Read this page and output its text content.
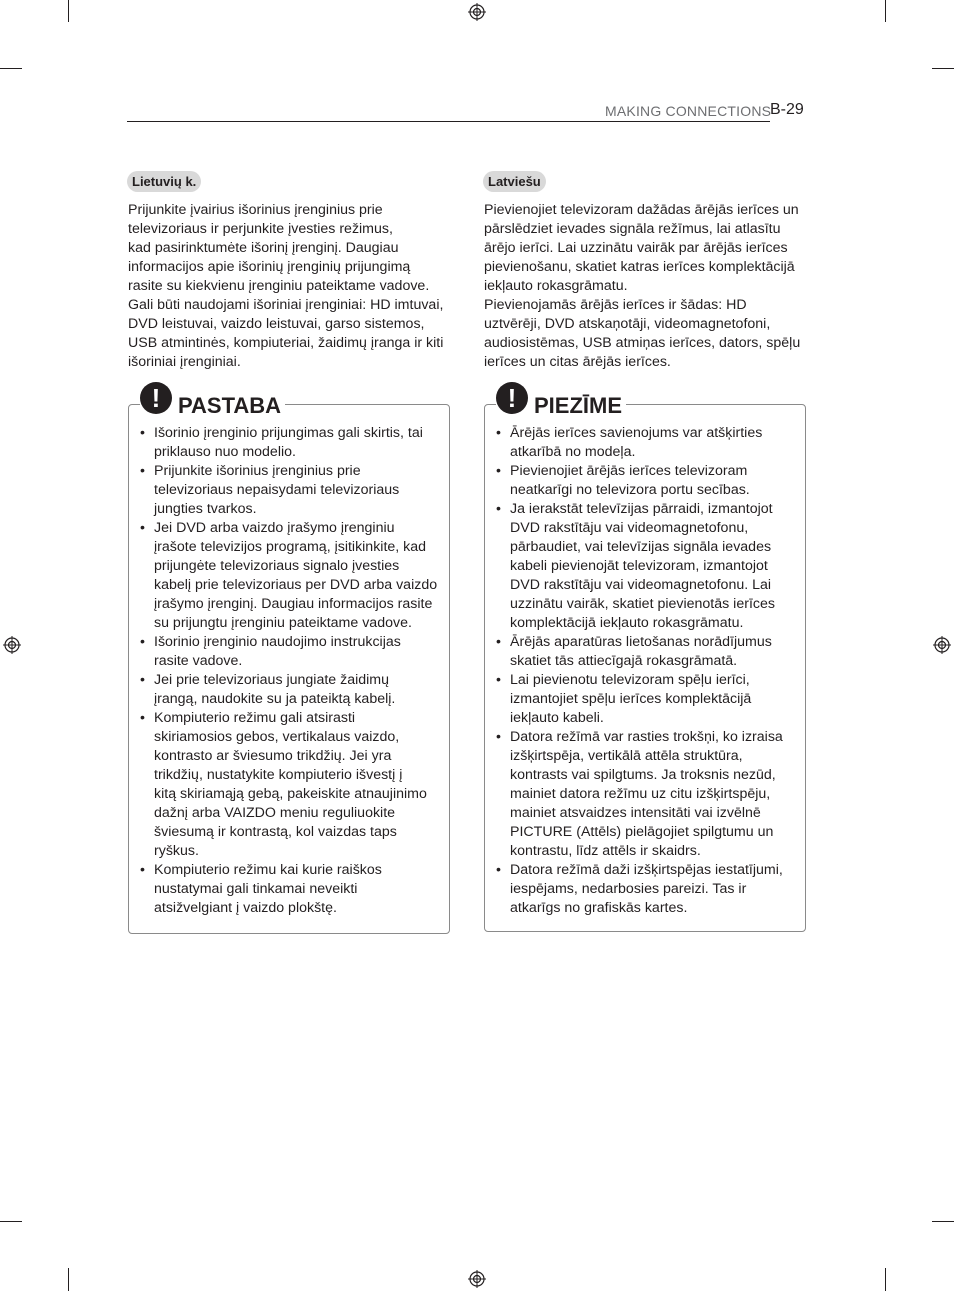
MAKING CONNECTIONS
B-29
Lietuvių k.

Prijunkite įvairius išorinius įrenginius prie

televizoriaus ir perjunkite įvesties režimus,

kad pasirinktumėte išorinį įrenginį. Daugiau

informacijos apie išorinių įrenginių prijungimą

rasite su kiekvienu įrenginiu pateiktame vadove.

Gali būti naudojami išoriniai įrenginiai: HD imtuvai,

DVD leistuvai, vaizdo leistuvai, garso sistemos,

USB atmintinės, kompiuteriai, žaidimų įranga ir kiti

išoriniai įrenginiai.

! PASTABA
• Išorinio įrenginio prijungimas gali skirtis, tai
priklauso nuo modelio.
• Prijunkite išorinius įrenginius prie
televizoriaus nepaisydami televizoriaus
jungties tvarkos.
• Jei DVD arba vaizdo įrašymo įrenginiu
įrašote televizijos programą, įsitikinkite, kad
prijungėte televizoriaus signalo įvesties
kabelį prie televizoriaus per DVD arba vaizdo
įrašymo įrenginį. Daugiau informacijos rasite
su prijungtu įrenginiu pateiktame vadove.
• Išorinio įrenginio naudojimo instrukcijas
rasite vadove.
• Jei prie televizoriaus jungiate žaidimų
įrangą, naudokite su ja pateiktą kabelį.
• Kompiuterio režimu gali atsirasti
skiriamosios gebos, vertikalaus vaizdo,
kontrasto ar šviesumo trikdžių. Jei yra
trikdžių, nustatykite kompiuterio išvestį į
kitą skiriamąją gebą, pakeiskite atnaujinimo
dažnį arba VAIZDO meniu reguliuokite
šviesumą ir kontrastą, kol vaizdas taps
ryškus.
• Kompiuterio režimu kai kurie raiškos
nustatymai gali tinkamai neveikti
atsižvelgiant į vaizdo plokštę.
Latviešu

Pievienojiet televizoram dažādas ārējās ierīces un

pārslēdziet ievades signāla režīmus, lai atlasītu

ārējo ierīci. Lai uzzinātu vairāk par ārējās ierīces

pievienošanu, skatiet katras ierīces komplektācijā

iekļauto rokasgrāmatu.

Pievienojamās ārējās ierīces ir šādas: HD

uztvērēji, DVD atskaņotāji, videomagnetofoni,

audiosistēmas, USB atmiņas ierīces, dators, spēļu

ierīces un citas ārējās ierīces.

! PIEZĪME
• Ārējās ierīces savienojums var atšķirties
atkarībā no modeļa.
• Pievienojiet ārējās ierīces televizoram
neatkarīgi no televizora portu secības.
• Ja ierakstāt televīzijas pārraidi, izmantojot
DVD rakstītāju vai videomagnetofonu,
pārbaudiet, vai televīzijas signāla ievades
kabeli pievienojāt televizoram, izmantojot
DVD rakstītāju vai videomagnetofonu. Lai
uzzinātu vairāk, skatiet pievienotās ierīces
komplektācijā iekļauto rokasgrāmatu.
• Ārējās aparatūras lietošanas norādījumus
skatiet tās attiecīgajā rokasgrāmatā.
• Lai pievienotu televizoram spēļu ierīci,
izmantojiet spēļu ierīces komplektācijā
iekļauto kabeli.
• Datora režīmā var rasties trokšņi, ko izraisa
izšķirtspēja, vertikālā attēla struktūra,
kontrasts vai spilgtums. Ja troksnis nezūd,
mainiet datora režīmu uz citu izšķirtspēju,
mainiet atsvaidzes intensitāti vai izvēlnē
PICTURE (Attēls) pielāgojiet spilgtumu un
kontrastu, līdz attēls ir skaidrs.
• Datora režīmā daži izšķirtspējas iestatījumi,
iespējams, nedarbosies pareizi. Tas ir
atkarīgs no grafiskās kartes.
